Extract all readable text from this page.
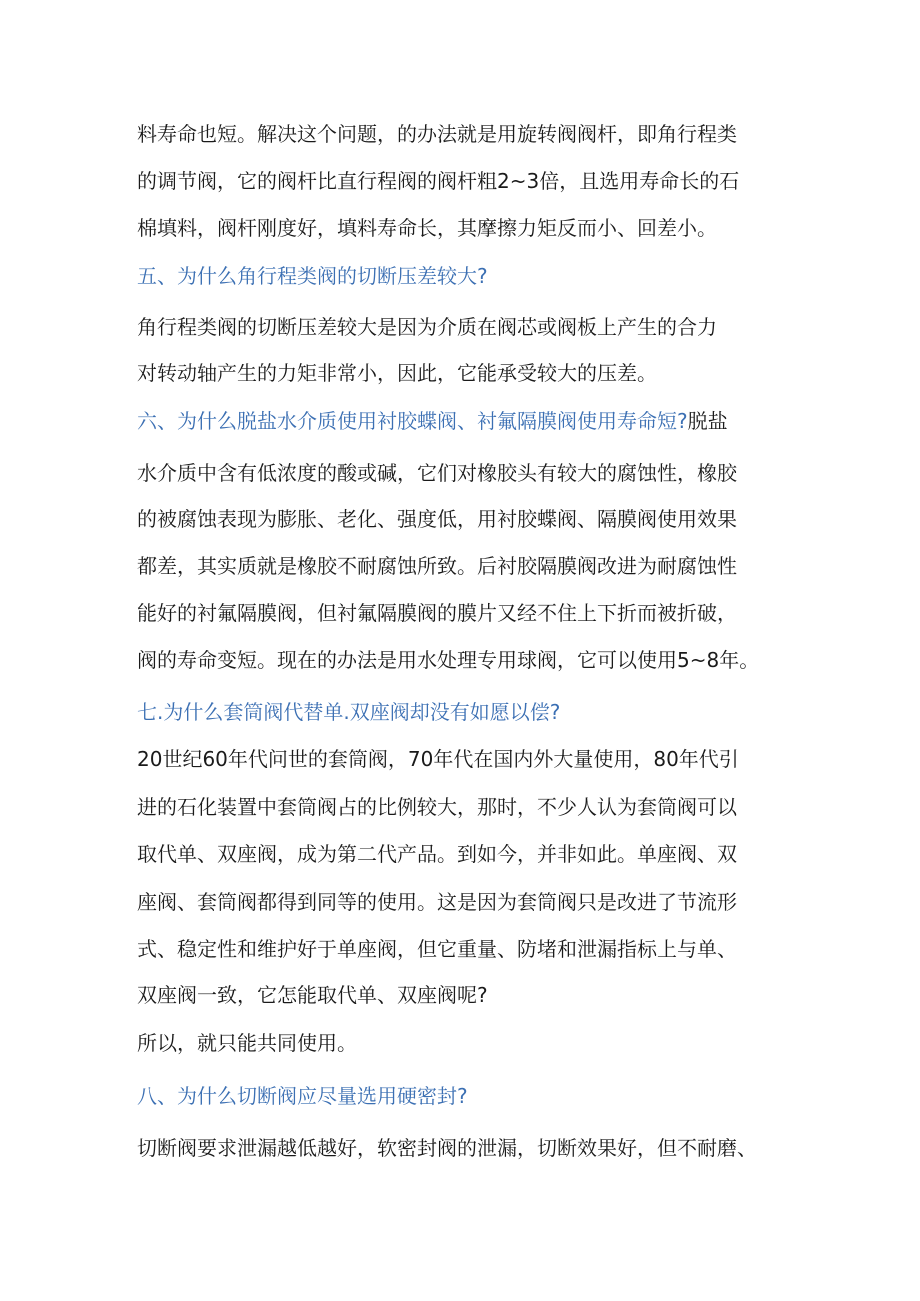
料寿命也短。解决这个问题，的办法就是用旋转阀阀杆，即角行程类
的调节阀，它的阀杆比直行程阀的阀杆粗2~3倍，且选用寿命长的石
棉填料，阀杆刚度好，填料寿命长，其摩擦力矩反而小、回差小。
五、为什么角行程类阀的切断压差较大?
角行程类阀的切断压差较大是因为介质在阀芯或阀板上产生的合力
对转动轴产生的力矩非常小，因此，它能承受较大的压差。
六、为什么脱盐水介质使用衬胶蝶阀、衬氟隔膜阀使用寿命短?脱盐
水介质中含有低浓度的酸或碱，它们对橡胶头有较大的腐蚀性，橡胶
的被腐蚀表现为膨胀、老化、强度低，用衬胶蝶阀、隔膜阀使用效果
都差，其实质就是橡胶不耐腐蚀所致。后衬胶隔膜阀改进为耐腐蚀性
能好的衬氟隔膜阀，但衬氟隔膜阀的膜片又经不住上下折而被折破，
阀的寿命变短。现在的办法是用水处理专用球阀，它可以使用5~8年。
七.为什么套筒阀代替单.双座阀却没有如愿以偿?
20世纪60年代问世的套筒阀，70年代在国内外大量使用，80年代引
进的石化装置中套筒阀占的比例较大，那时，不少人认为套筒阀可以
取代单、双座阀，成为第二代产品。到如今，并非如此。单座阀、双
座阀、套筒阀都得到同等的使用。这是因为套筒阀只是改进了节流形
式、稳定性和维护好于单座阀，但它重量、防堵和泄漏指标上与单、
双座阀一致，它怎能取代单、双座阀呢?
所以，就只能共同使用。
八、为什么切断阀应尽量选用硬密封?
切断阀要求泄漏越低越好，软密封阀的泄漏，切断效果好，但不耐磨、
